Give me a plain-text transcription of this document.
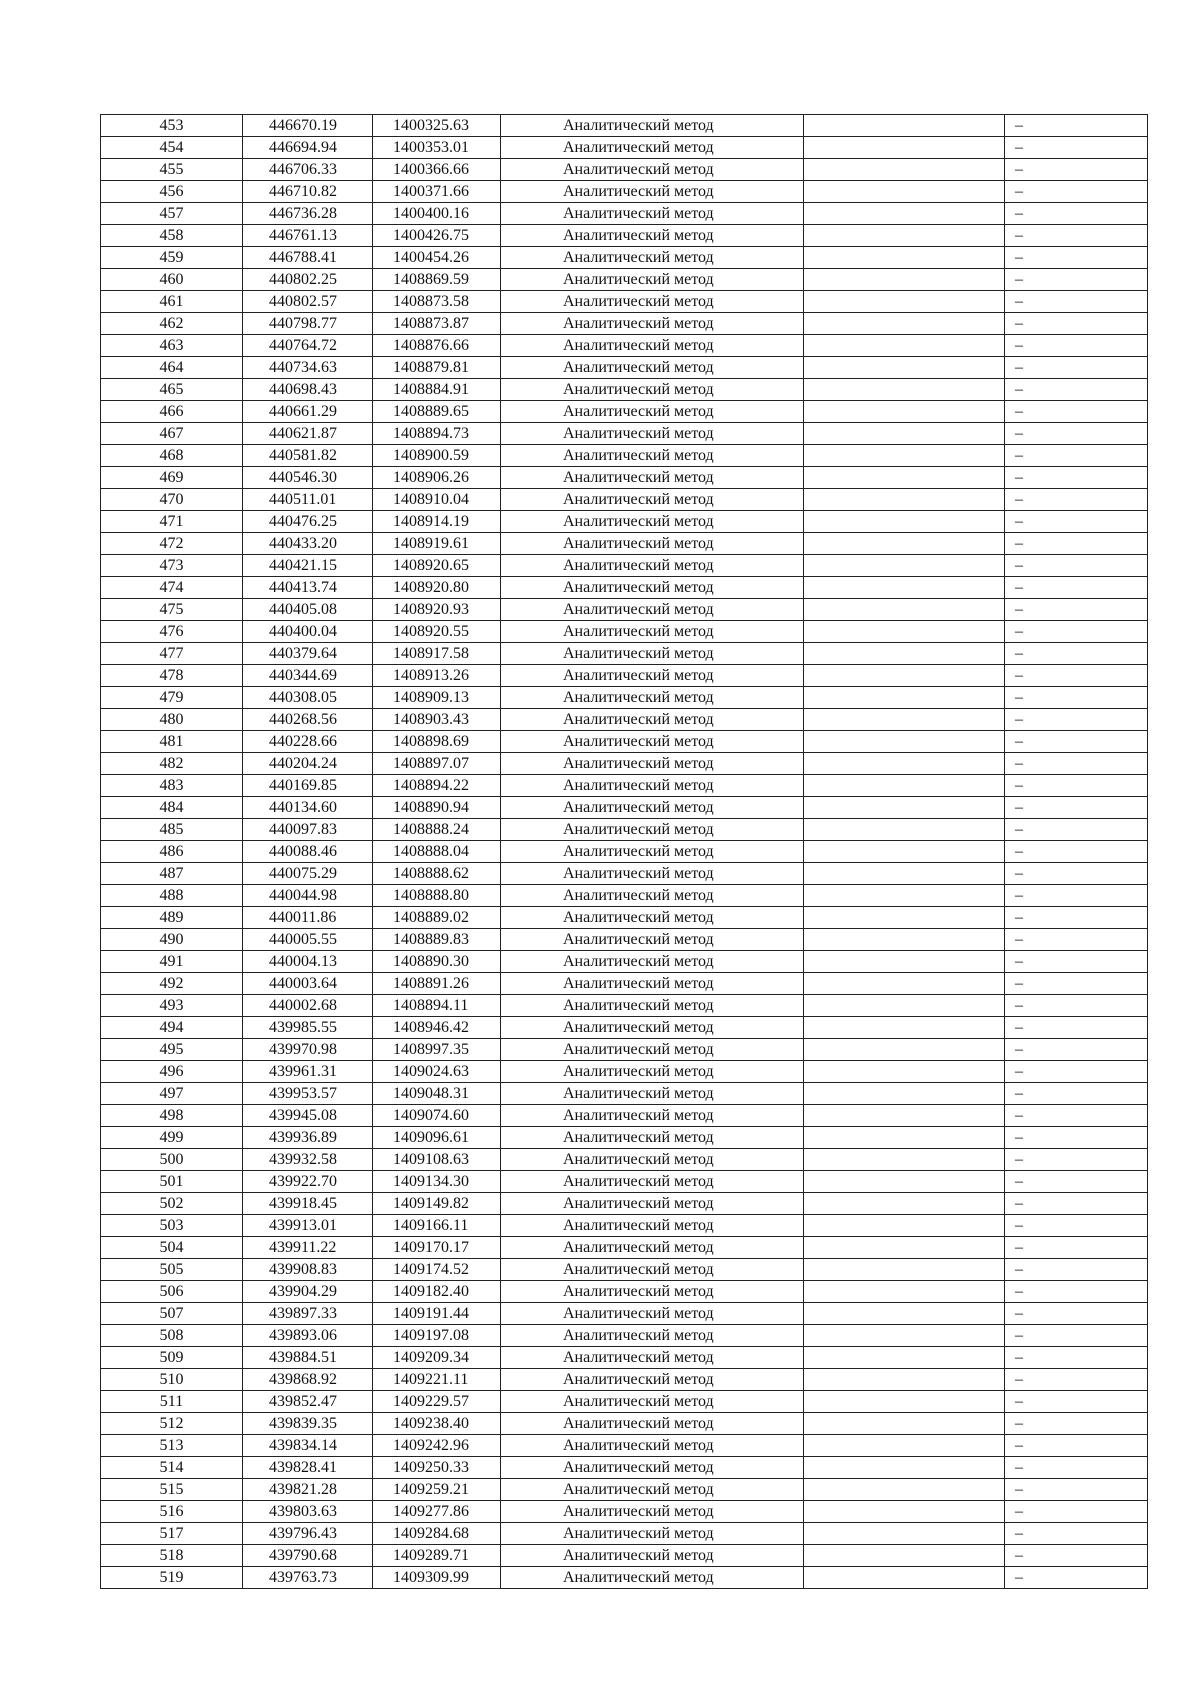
453	446670.19	1400325.63	Аналитический метод		–
454	446694.94	1400353.01	Аналитический метод		–
455	446706.33	1400366.66	Аналитический метод		–
456	446710.82	1400371.66	Аналитический метод		–
457	446736.28	1400400.16	Аналитический метод		–
458	446761.13	1400426.75	Аналитический метод		–
459	446788.41	1400454.26	Аналитический метод		–
460	440802.25	1408869.59	Аналитический метод		–
461	440802.57	1408873.58	Аналитический метод		–
462	440798.77	1408873.87	Аналитический метод		–
463	440764.72	1408876.66	Аналитический метод		–
464	440734.63	1408879.81	Аналитический метод		–
465	440698.43	1408884.91	Аналитический метод		–
466	440661.29	1408889.65	Аналитический метод		–
467	440621.87	1408894.73	Аналитический метод		–
468	440581.82	1408900.59	Аналитический метод		–
469	440546.30	1408906.26	Аналитический метод		–
470	440511.01	1408910.04	Аналитический метод		–
471	440476.25	1408914.19	Аналитический метод		–
472	440433.20	1408919.61	Аналитический метод		–
473	440421.15	1408920.65	Аналитический метод		–
474	440413.74	1408920.80	Аналитический метод		–
475	440405.08	1408920.93	Аналитический метод		–
476	440400.04	1408920.55	Аналитический метод		–
477	440379.64	1408917.58	Аналитический метод		–
478	440344.69	1408913.26	Аналитический метод		–
479	440308.05	1408909.13	Аналитический метод		–
480	440268.56	1408903.43	Аналитический метод		–
481	440228.66	1408898.69	Аналитический метод		–
482	440204.24	1408897.07	Аналитический метод		–
483	440169.85	1408894.22	Аналитический метод		–
484	440134.60	1408890.94	Аналитический метод		–
485	440097.83	1408888.24	Аналитический метод		–
486	440088.46	1408888.04	Аналитический метод		–
487	440075.29	1408888.62	Аналитический метод		–
488	440044.98	1408888.80	Аналитический метод		–
489	440011.86	1408889.02	Аналитический метод		–
490	440005.55	1408889.83	Аналитический метод		–
491	440004.13	1408890.30	Аналитический метод		–
492	440003.64	1408891.26	Аналитический метод		–
493	440002.68	1408894.11	Аналитический метод		–
494	439985.55	1408946.42	Аналитический метод		–
495	439970.98	1408997.35	Аналитический метод		–
496	439961.31	1409024.63	Аналитический метод		–
497	439953.57	1409048.31	Аналитический метод		–
498	439945.08	1409074.60	Аналитический метод		–
499	439936.89	1409096.61	Аналитический метод		–
500	439932.58	1409108.63	Аналитический метод		–
501	439922.70	1409134.30	Аналитический метод		–
502	439918.45	1409149.82	Аналитический метод		–
503	439913.01	1409166.11	Аналитический метод		–
504	439911.22	1409170.17	Аналитический метод		–
505	439908.83	1409174.52	Аналитический метод		–
506	439904.29	1409182.40	Аналитический метод		–
507	439897.33	1409191.44	Аналитический метод		–
508	439893.06	1409197.08	Аналитический метод		–
509	439884.51	1409209.34	Аналитический метод		–
510	439868.92	1409221.11	Аналитический метод		–
511	439852.47	1409229.57	Аналитический метод		–
512	439839.35	1409238.40	Аналитический метод		–
513	439834.14	1409242.96	Аналитический метод		–
514	439828.41	1409250.33	Аналитический метод		–
515	439821.28	1409259.21	Аналитический метод		–
516	439803.63	1409277.86	Аналитический метод		–
517	439796.43	1409284.68	Аналитический метод		–
518	439790.68	1409289.71	Аналитический метод		–
519	439763.73	1409309.99	Аналитический метод		–
